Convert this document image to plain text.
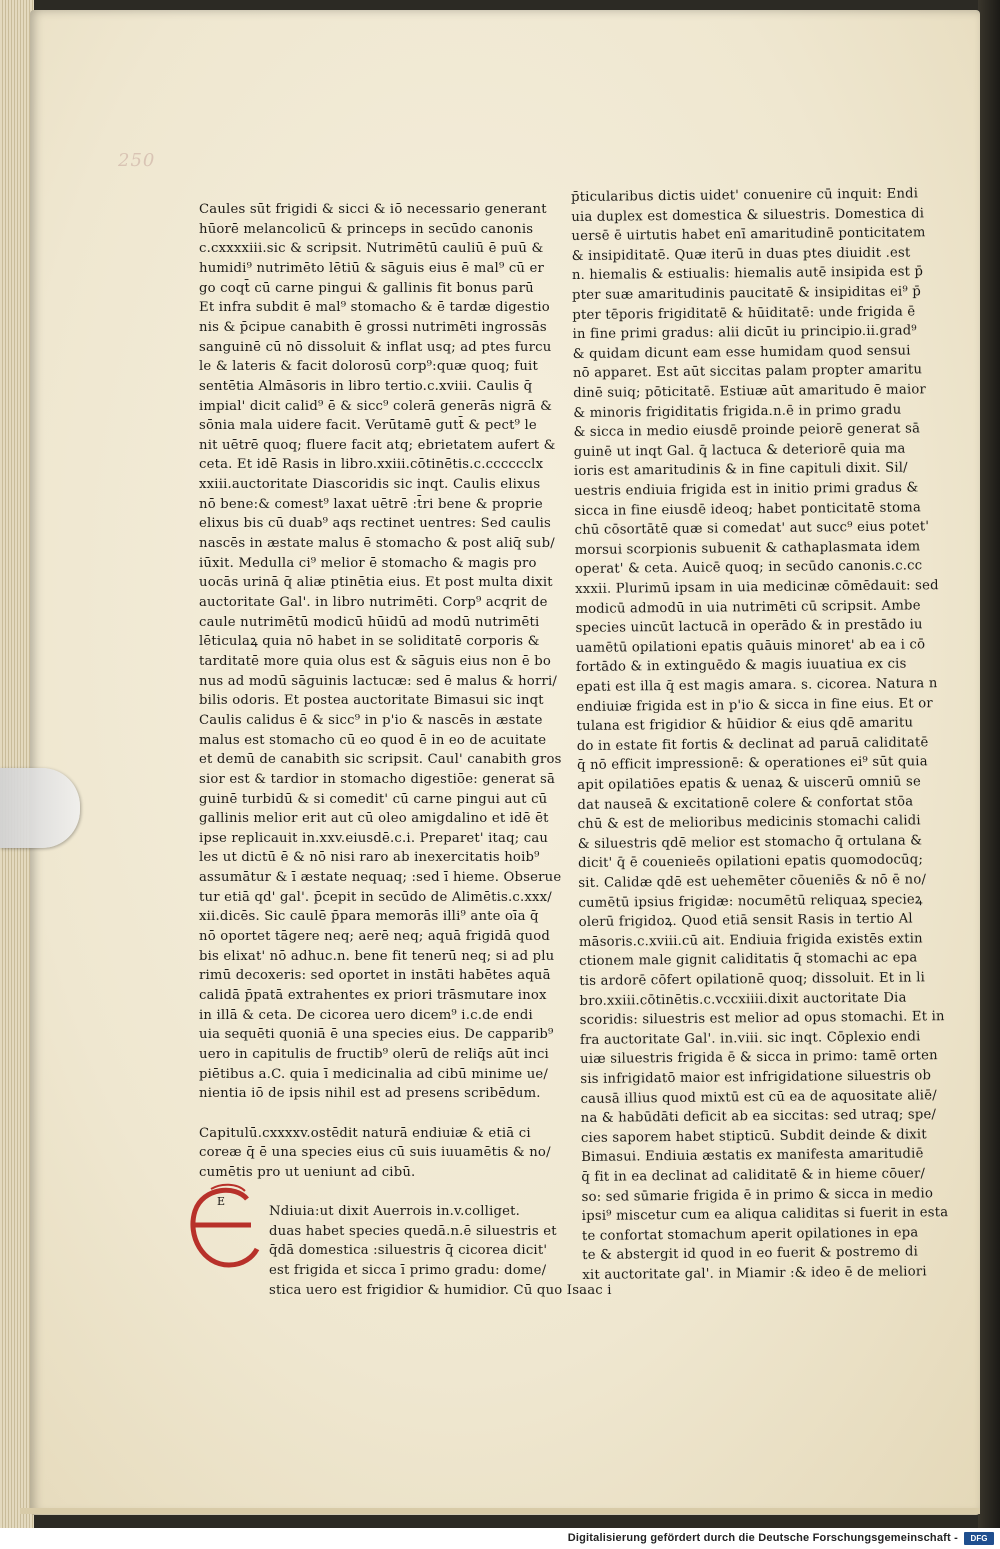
250
Caules sūt frigidi & sicci & iō necessario generant
hūorē melancolicū & princeps in secūdo canonis
c.cxxxxiii.sic & scripsit. Nutrimētū cauliū ē puū &
humidi⁹ nutrimēto lētiū & sāguis eius ē mal⁹ cū er
go coqt̄ cū carne pingui & gallinis fit bonus parū
Et infra subdit ē mal⁹ stomacho & ē tardæ digestio
nis & p̄cipue canabith ē grossi nutrimēti ingrossās
sanguinē cū nō dissoluit & inflat usq; ad ptes furcu
le & lateris & facit dolorosū corp⁹:quæ quoq; fuit
sentētia Almāsoris in libro tertio.c.xviii. Caulis q̄
impial' dicit calid⁹ ē & sicc⁹ colerā generās nigrā &
sōnia mala uidere facit. Verūtamē gutt̄ & pect⁹ le
nit uētrē quoq; fluere facit atq; ebrietatem aufert &
ceta. Et idē Rasis in libro.xxiii.cōtinētis.c.cccccclx
xxiii.auctoritate Diascoridis sic inqt. Caulis elixus
nō bene:& comest⁹ laxat uētrē :t̄ri bene & proprie
elixus bis cū duab⁹ aqs rectinet uentres: Sed caulis
nascēs in æstate malus ē stomacho & post aliq̄ sub/
iūxit. Medulla ci⁹ melior ē stomacho & magis pro
uocās urinā q̄ aliæ ptinētia eius. Et post multa dixit
auctoritate Gal'. in libro nutrimēti. Corp⁹ acqrit de
caule nutrimētū modicū hūidū ad modū nutrimēti
lēticulaꝝ quia nō habet in se soliditatē corporis &
tarditatē more quia olus est & sāguis eius non ē bo
nus ad modū sāguinis lactucæ: sed ē malus & horri/
bilis odoris. Et postea auctoritate Bimasui sic inqt
Caulis calidus ē & sicc⁹ in p'io & nascēs in æstate
malus est stomacho cū eo quod ē in eo de acuitate
et demū de canabith sic scripsit. Caul' canabith gros
sior est & tardior in stomacho digestiōe: generat sā
guinē turbidū & si comedit' cū carne pingui aut cū
gallinis melior erit aut cū oleo amigdalino et idē ēt
ipse replicauit in.xxv.eiusdē.c.i. Preparet' itaq; cau
les ut dictū ē & nō nisi raro ab inexercitatis hoib⁹
assumātur & ī æstate nequaq; :sed ī hieme. Obserue
tur etiā qd' gal'. p̄cepit in secūdo de Alimētis.c.xxx/
xii.dicēs. Sic caulē p̄para memorās illi⁹ ante oīa q̄
nō oportet tāgere neq; aerē neq; aquā frigidā quod
bis elixat' nō adhuc.n. bene fit tenerū neq; si ad plu
rimū decoxeris: sed oportet in instāti habētes aquā
calidā p̄patā extrahentes ex priori trāsmutare inox
in illā & ceta. De cicorea uero dicem⁹ i.c.de endi
uia sequēti quoniā ē una species eius. De capparib⁹
uero in capitulis de fructib⁹ olerū de reliq̄s aūt inci
piētibus a.C. quia ī medicinalia ad cibū minime ue/
nientia iō de ipsis nihil est ad presens scribēdum.
Capitulū.cxxxxv.ostēdit naturā endiuiæ & etiā ci
coreæ q̄ ē una species eius cū suis iuuamētis & no/
cumētis pro ut ueniunt ad cibū.
Ndiuia:ut dixit Auerrois in.v.colliget.
duas habet species quedā.n.ē siluestris et
q̄dā domestica :siluestris q̄ cicorea dicit'
est frigida et sicca ī primo gradu: dome/
stica uero est frigidior & humidior. Cū quo Isaac i
p̄ticularibus dictis uidet' conuenire cū inquit: Endi
uia duplex est domestica & siluestris. Domestica di
uersē ē uirtutis habet enī amaritudinē ponticitatem
& insipiditatē. Quæ iterū in duas ptes diuidit .est
n. hiemalis & estiualis: hiemalis autē insipida est p̄
pter suæ amaritudinis paucitatē & insipiditas ei⁹ p̄
pter tēporis frigiditatē & hūiditatē: unde frigida ē
in fine primi gradus: alii dicūt iu principio.ii.grad⁹
& quidam dicunt eam esse humidam quod sensui
nō apparet. Est aūt siccitas palam propter amaritu
dinē suiq; pōticitatē. Estiuæ aūt amaritudo ē maior
& minoris frigiditatis frigida.n.ē in primo gradu
& sicca in medio eiusdē proinde peiorē generat sā
guinē ut inqt Gal. q̄ lactuca & deteriorē quia ma
ioris est amaritudinis & in fine capituli dixit. Sil/
uestris endiuia frigida est in initio primi gradus &
sicca in fine eiusdē ideoq; habet ponticitatē stoma
chū cōsortātē quæ si comedat' aut succ⁹ eius potet'
morsui scorpionis subuenit & cathaplasmata idem
operat' & ceta. Auicē quoq; in secūdo canonis.c.cc
xxxii. Plurimū ipsam in uia medicinæ cōmēdauit: sed
modicū admodū in uia nutrimēti cū scripsit. Ambe
species uincūt lactucā in operādo & in prestādo iu
uamētū opilationi epatis quāuis minoret' ab ea i cō
fortādo & in extinguēdo & magis iuuatiua ex cis
epati est illa q̄ est magis amara. s. cicorea. Natura n
endiuiæ frigida est in p'io & sicca in fine eius. Et or
tulana est frigidior & hūidior & eius qdē amaritu
do in estate fit fortis & declinat ad paruā caliditatē
q̄ nō efficit impressionē: & operationes ei⁹ sūt quia
apit opilatiōes epatis & uenaꝝ & uiscerū omniū se
dat nauseā & excitationē colere & confortat stōa
chū & est de melioribus medicinis stomachi calidi
& siluestris qdē melior est stomacho q̄ ortulana &
dicit' q̄ ē couenieēs opilationi epatis quomodocūq;
sit. Calidæ qdē est uehemēter cōueniēs & nō ē no/
cumētū ipsius frigidæ: nocumētū reliquaꝝ specieꝝ
olerū frigidoꝝ. Quod etiā sensit Rasis in tertio Al
māsoris.c.xviii.cū ait. Endiuia frigida existēs extin
ctionem male gignit caliditatis q̄ stomachi ac epa
tis ardorē cōfert opilationē quoq; dissoluit. Et in li
bro.xxiii.cōtinētis.c.vccxiiii.dixit auctoritate Dia
scoridis: siluestris est melior ad opus stomachi. Et in
fra auctoritate Gal'. in.viii. sic inqt. Cōplexio endi
uiæ siluestris frigida ē & sicca in primo: tamē orten
sis infrigidatō maior est infrigidatione siluestris ob
causā illius quod mixtū est cū ea de aquositate aliē/
na & habūdāti deficit ab ea siccitas: sed utraq; spe/
cies saporem habet stipticū. Subdit deinde & dixit
Bimasui. Endiuia æstatis ex manifesta amaritudiē
q̄ fit in ea declinat ad caliditatē & in hieme cōuer/
so: sed sūmarie frigida ē in primo & sicca in medio
ipsi⁹ miscetur cum ea aliqua caliditas si fuerit in esta
te confortat stomachum aperit opilationes in epa
te & abstergit id quod in eo fuerit & postremo di
xit auctoritate gal'. in Miamir :& ideo ē de meliori
E
Digitalisierung gefördert durch die Deutsche Forschungsgemeinschaft -	DFG
